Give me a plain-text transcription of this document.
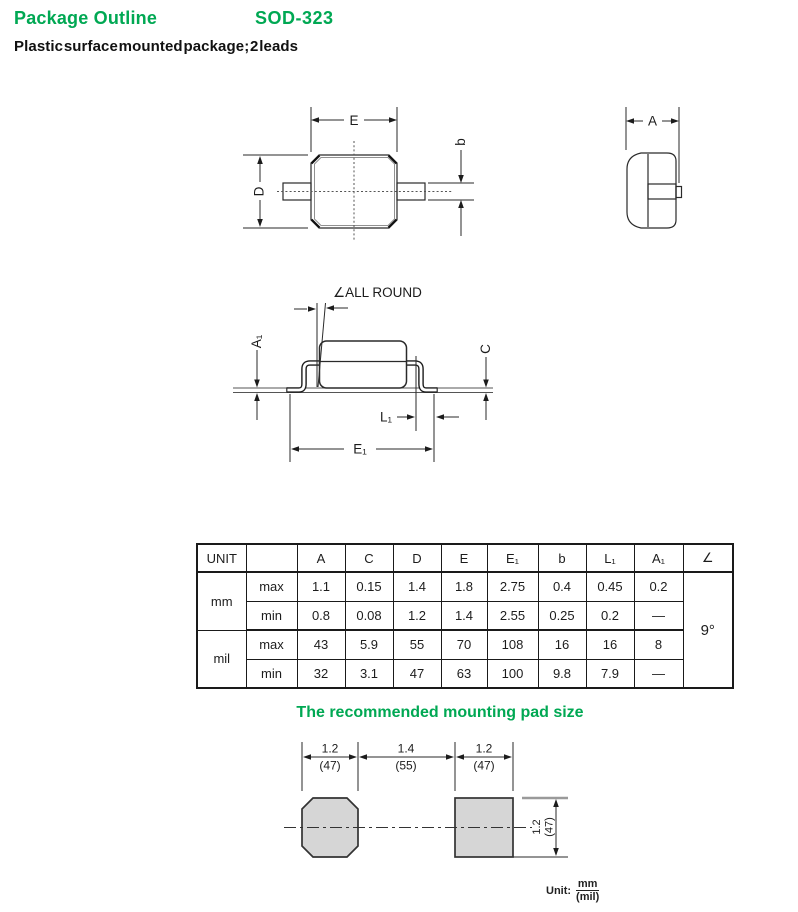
Package Outline	SOD-323
Plastic surface mounted package; 2 leads
E
D
b
A
∠ALL ROUND
A₁
C
L₁
E₁
1.2
(47)
1.4
(55)
1.2
(47)
1.2 (47)
UNIT		A	C	D	E	E₁	b	L₁	A₁	∠
mm	max	1.1	0.15	1.4	1.8	2.75	0.4	0.45	0.2	9°
	min	0.8	0.08	1.2	1.4	2.55	0.25	0.2	—	
mil	max	43	5.9	55	70	108	16	16	8	
	min	32	3.1	47	63	100	9.8	7.9	—	
The recommended mounting pad size
Unit: $\frac{mm}{\text{(mil)}}$
